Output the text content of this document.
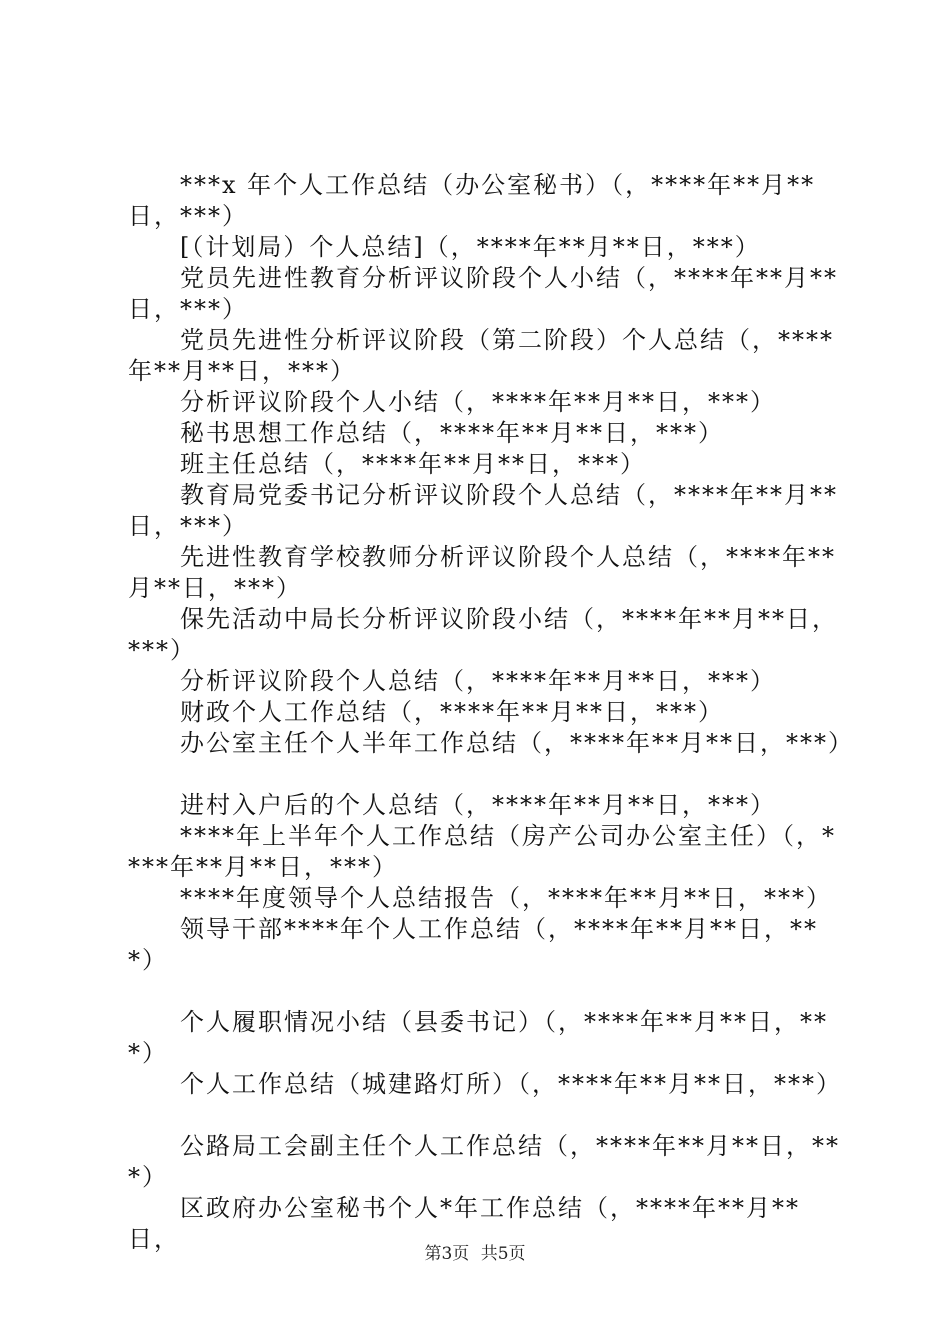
***x 年个人工作总结（办公室秘书）（，****年**月**日，***）

[（计划局）个人总结]（，****年**月**日，***）

党员先进性教育分析评议阶段个人小结（，****年**月**日，***）

党员先进性分析评议阶段（第二阶段）个人总结（，****年**月**日，***）

分析评议阶段个人小结（，****年**月**日，***）

秘书思想工作总结（，****年**月**日，***）

班主任总结（，****年**月**日，***）

教育局党委书记分析评议阶段个人总结（，****年**月**日，***）

先进性教育学校教师分析评议阶段个人总结（，****年**月**日，***）

保先活动中局长分析评议阶段小结（，****年**月**日，***）

分析评议阶段个人总结（，****年**月**日，***）

财政个人工作总结（，****年**月**日，***）

办公室主任个人半年工作总结（，****年**月**日，***）

进村入户后的个人总结（，****年**月**日，***）

****年上半年个人工作总结（房产公司办公室主任）（，****年**月**日，***）

****年度领导个人总结报告（，****年**月**日，***）

领导干部****年个人工作总结（，****年**月**日，***）

个人履职情况小结（县委书记）（，****年**月**日，***）

个人工作总结（城建路灯所）（，****年**月**日，***）

公路局工会副主任个人工作总结（，****年**月**日，***）

区政府办公室秘书个人*年工作总结（，****年**月**日，

第3页 共5页
